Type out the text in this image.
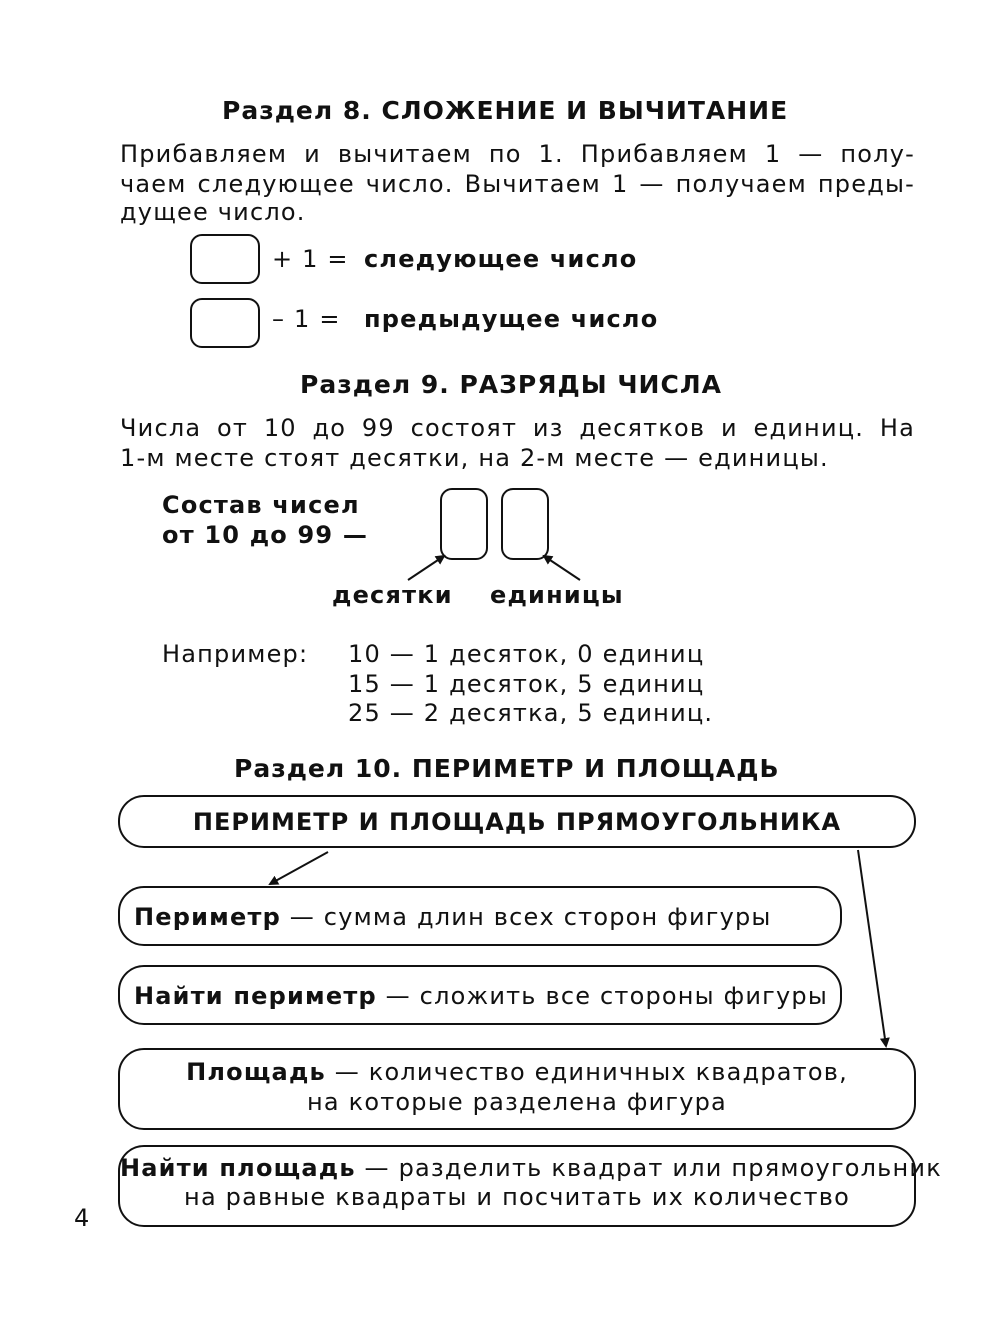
Раздел 8. СЛОЖЕНИЕ И ВЫЧИТАНИЕ
Прибавляем и вычитаем по 1. Прибавляем 1 — полу-
чаем следующее число. Вычитаем 1 — получаем преды-
дущее число.
+ 1 = следующее число
– 1 = предыдущее число
Раздел 9. РАЗРЯДЫ ЧИСЛА
Числа от 10 до 99 состоят из десятков и единиц. На
1-м месте стоят десятки, на 2-м месте — единицы.
Состав чисел
от 10 до 99 —
десятки единицы
Например: 10 — 1 десяток, 0 единиц
15 — 1 десяток, 5 единиц
25 — 2 десятка, 5 единиц.
Раздел 10. ПЕРИМЕТР И ПЛОЩАДЬ
ПЕРИМЕТР И ПЛОЩАДЬ ПРЯМОУГОЛЬНИКА
Периметр — сумма длин всех сторон фигуры
Найти периметр — сложить все стороны фигуры
Площадь — количество единичных квадратов,
на которые разделена фигура
Найти площадь — разделить квадрат или прямоугольник
на равные квадраты и посчитать их количество
4
